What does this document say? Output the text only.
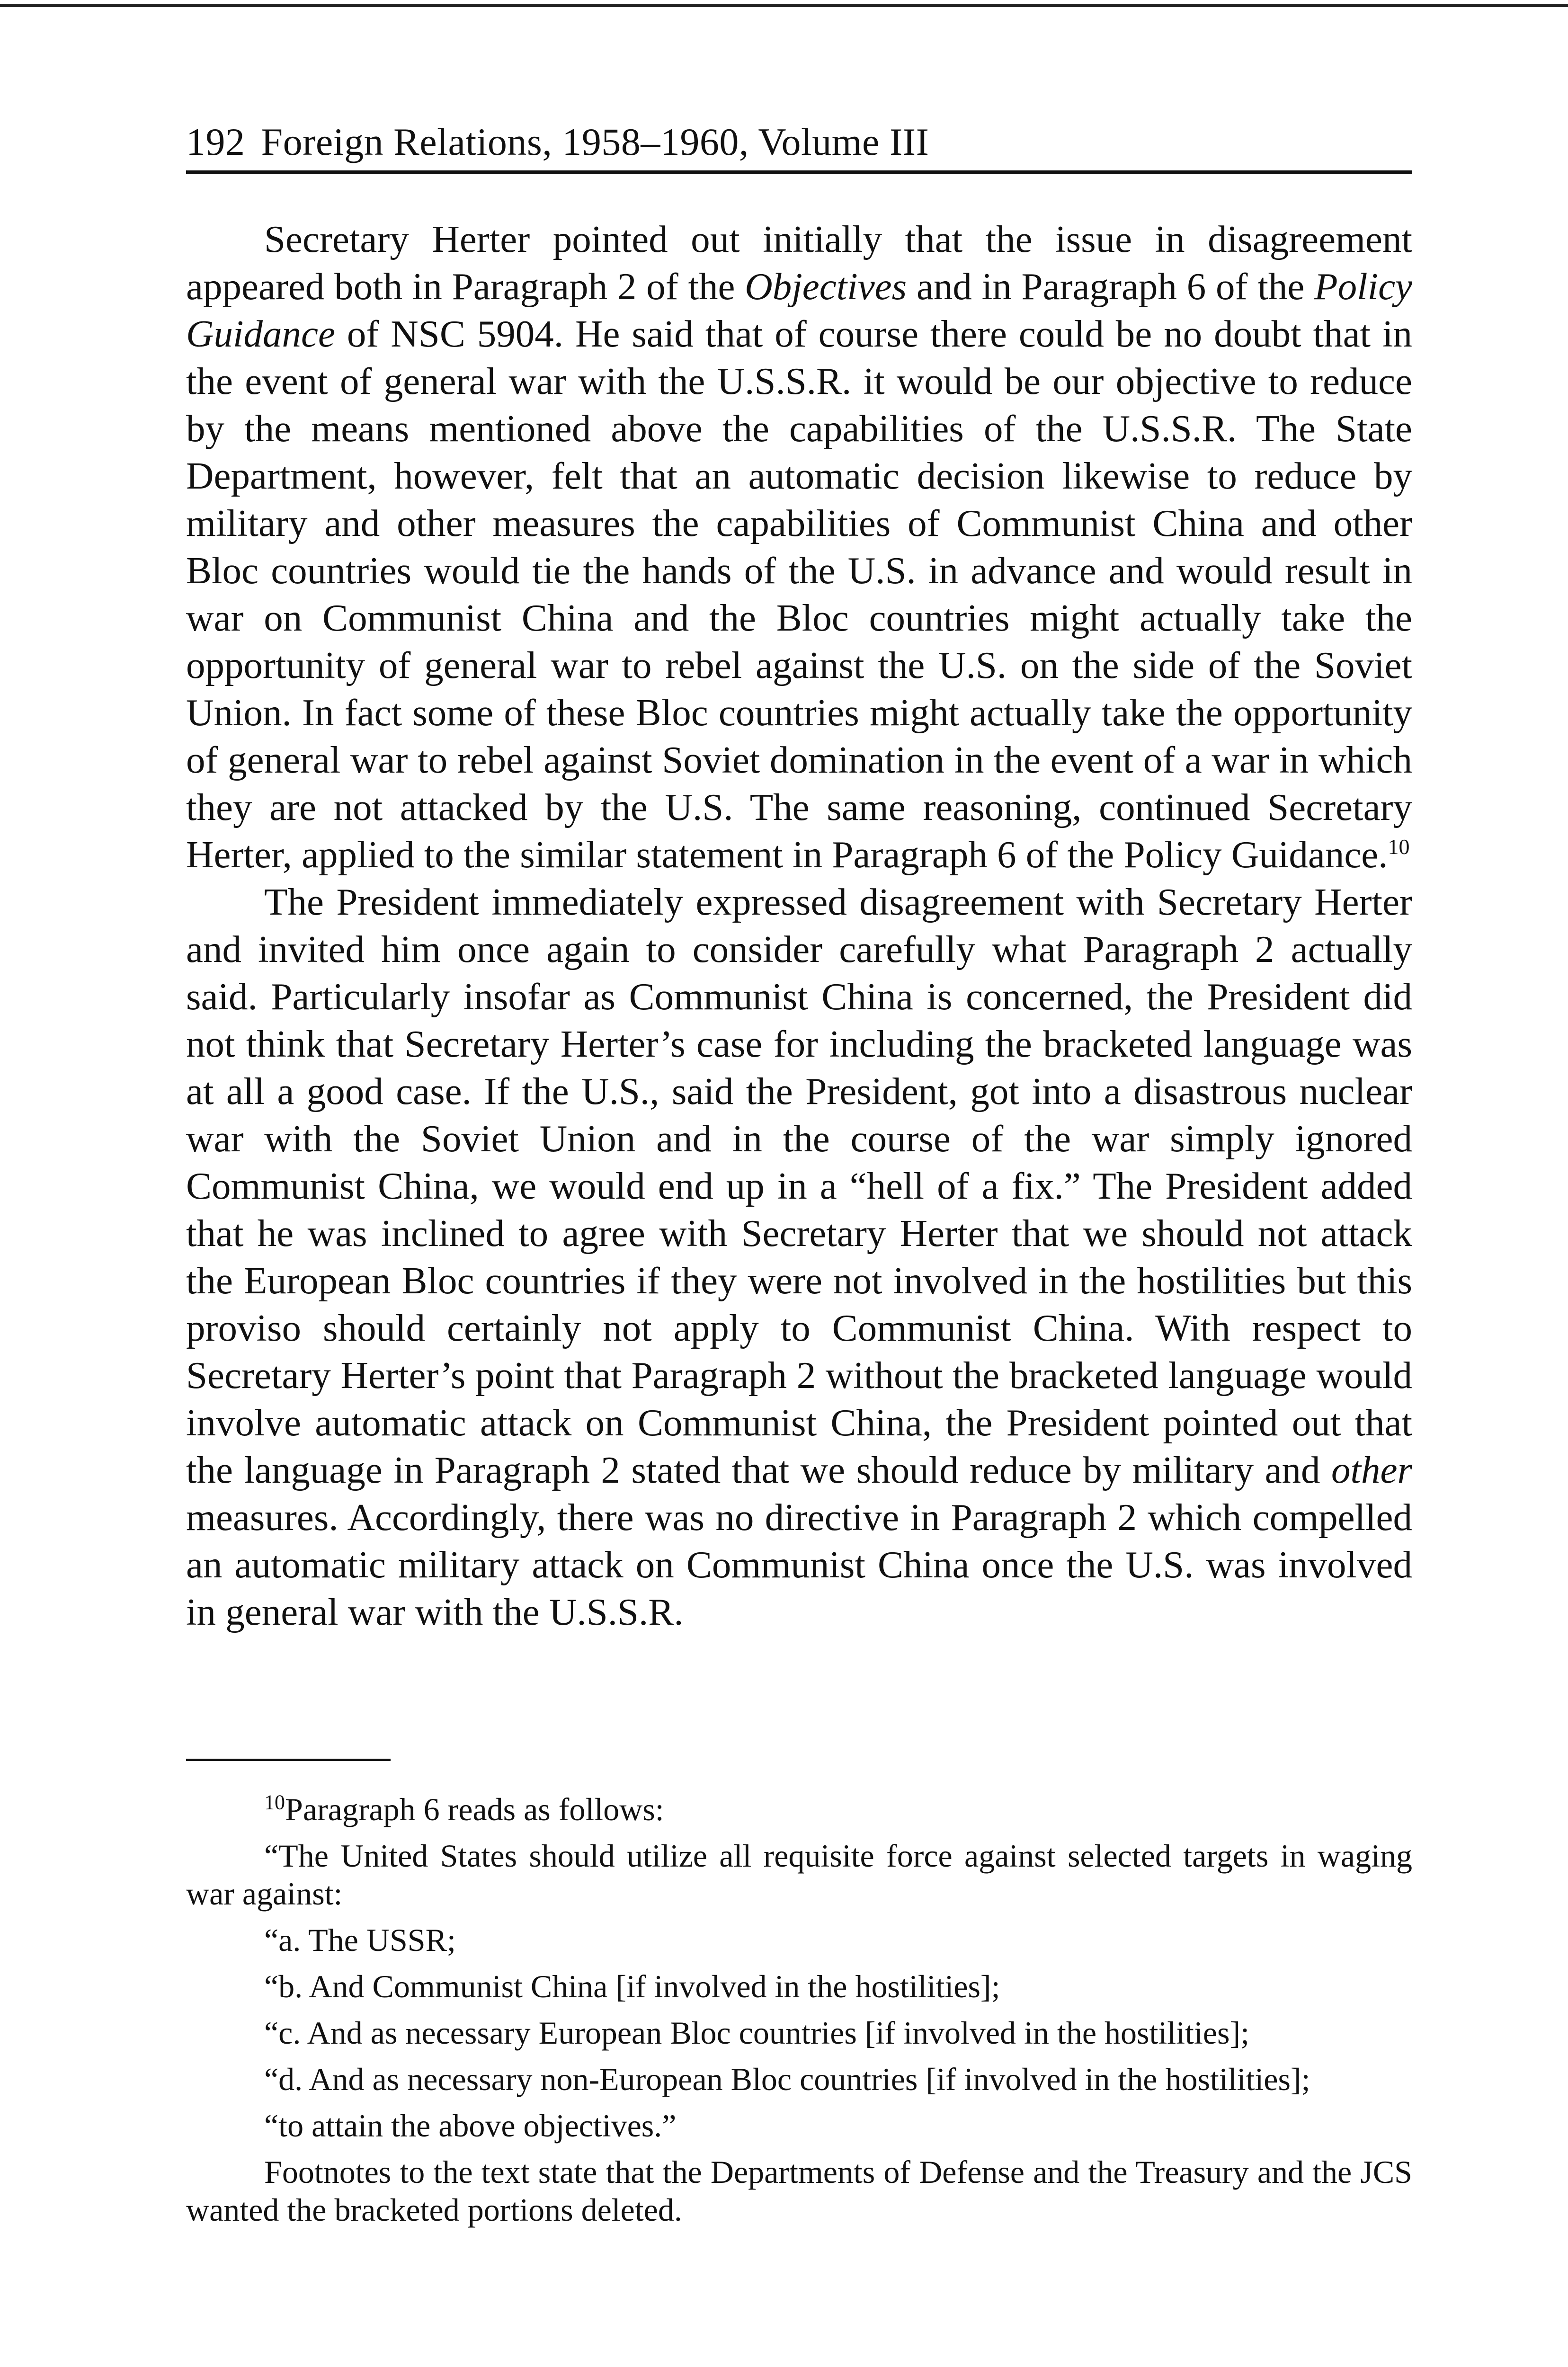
192 Foreign Relations, 1958–1960, Volume III

Secretary Herter pointed out initially that the issue in disagreement appeared both in Paragraph 2 of the Objectives and in Paragraph 6 of the Policy Guidance of NSC 5904. He said that of course there could be no doubt that in the event of general war with the U.S.S.R. it would be our objective to reduce by the means mentioned above the capabilities of the U.S.S.R. The State Department, however, felt that an automatic decision likewise to reduce by military and other measures the capabilities of Communist China and other Bloc countries would tie the hands of the U.S. in advance and would result in war on Communist China and the Bloc countries might actually take the opportunity of general war to rebel against the U.S. on the side of the Soviet Union. In fact some of these Bloc countries might actually take the opportunity of general war to rebel against Soviet domination in the event of a war in which they are not attacked by the U.S. The same reasoning, continued Secretary Herter, applied to the similar statement in Paragraph 6 of the Policy Guidance.$^{10}$

The President immediately expressed disagreement with Secretary Herter and invited him once again to consider carefully what Paragraph 2 actually said. Particularly insofar as Communist China is concerned, the President did not think that Secretary Herter’s case for including the bracketed language was at all a good case. If the U.S., said the President, got into a disastrous nuclear war with the Soviet Union and in the course of the war simply ignored Communist China, we would end up in a “hell of a fix.” The President added that he was inclined to agree with Secretary Herter that we should not attack the European Bloc countries if they were not involved in the hostilities but this proviso should certainly not apply to Communist China. With respect to Secretary Herter’s point that Paragraph 2 without the bracketed language would involve automatic attack on Communist China, the President pointed out that the language in Paragraph 2 stated that we should reduce by military and other measures. Accordingly, there was no directive in Paragraph 2 which compelled an automatic military attack on Communist China once the U.S. was involved in general war with the U.S.S.R.

$^{10}$Paragraph 6 reads as follows:

“The United States should utilize all requisite force against selected targets in waging war against:

“a. The USSR;

“b. And Communist China [if involved in the hostilities];

“c. And as necessary European Bloc countries [if involved in the hostilities];

“d. And as necessary non-European Bloc countries [if involved in the hostilities];

“to attain the above objectives.”

Footnotes to the text state that the Departments of Defense and the Treasury and the JCS wanted the bracketed portions deleted.
